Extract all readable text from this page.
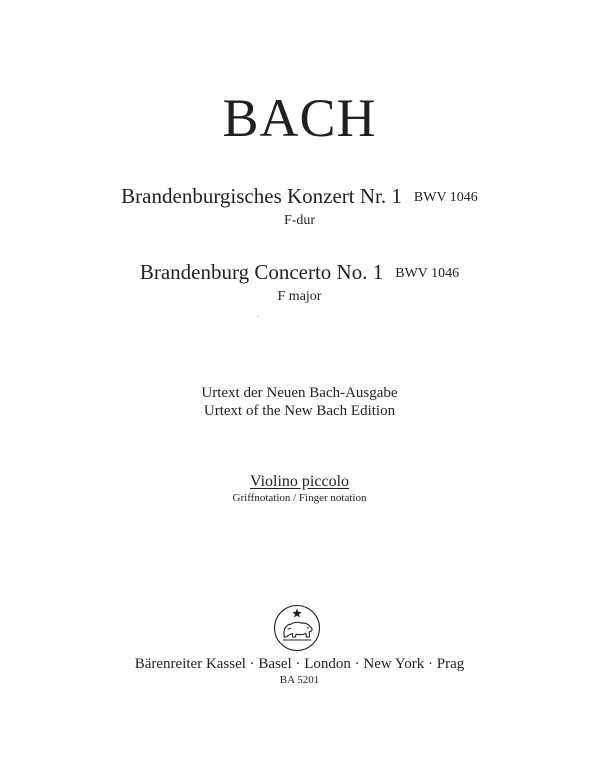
BACH
Brandenburgisches Konzert Nr. 1 BWV 1046
F-dur
Brandenburg Concerto No. 1 BWV 1046
F major
Urtext der Neuen Bach-Ausgabe
Urtext of the New Bach Edition
Violino piccolo
Griffnotation / Finger notation
Bärenreiter Kassel · Basel · London · New York · Prag
BA 5201
